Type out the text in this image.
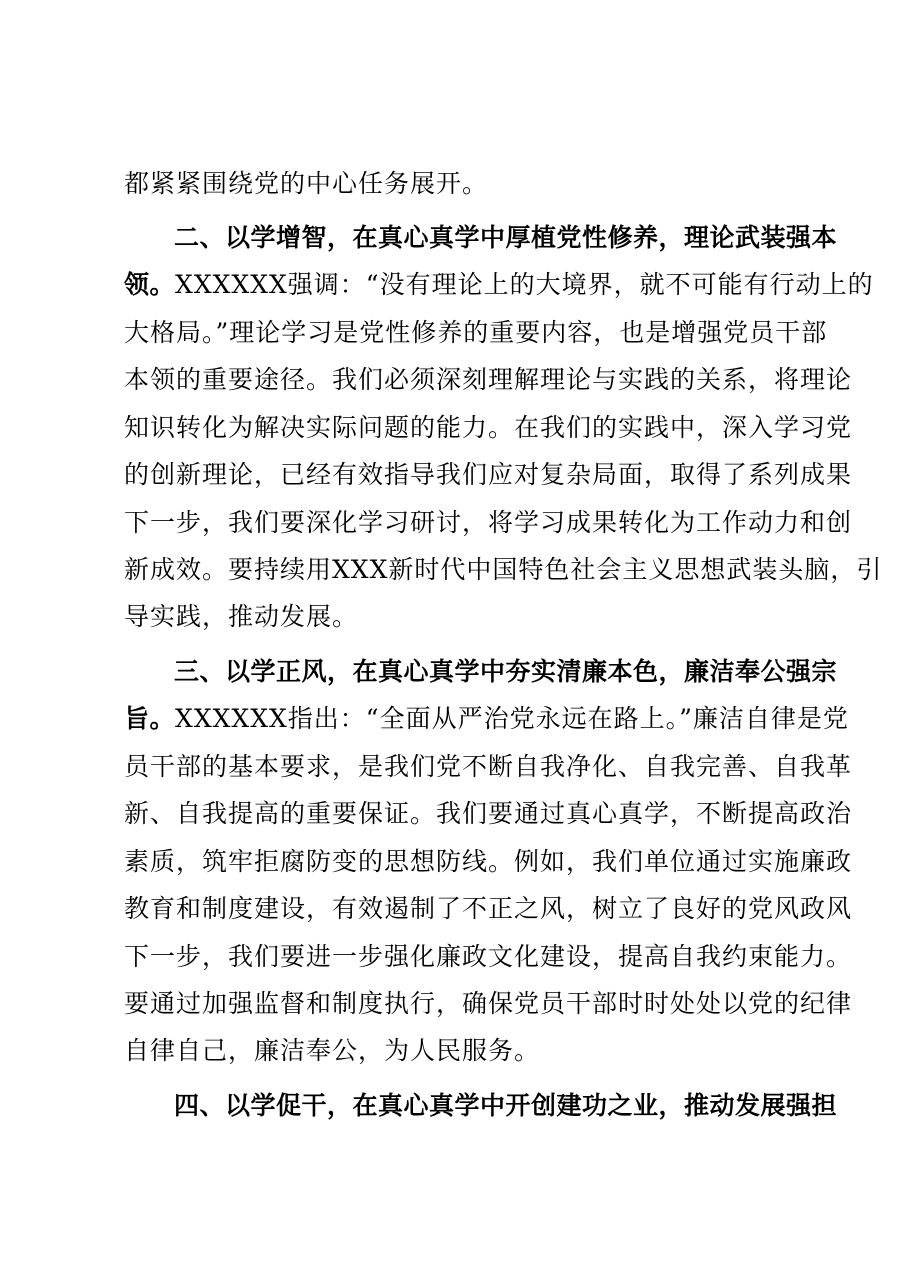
都紧紧围绕党的中心任务展开。
二、以学增智，在真心真学中厚植党性修养，理论武装强本
领。XXXXXX强调：“没有理论上的大境界，就不可能有行动上的
大格局。”理论学习是党性修养的重要内容，也是增强党员干部
本领的重要途径。我们必须深刻理解理论与实践的关系，将理论
知识转化为解决实际问题的能力。在我们的实践中，深入学习党
的创新理论，已经有效指导我们应对复杂局面，取得了系列成果
下一步，我们要深化学习研讨，将学习成果转化为工作动力和创
新成效。要持续用XXX新时代中国特色社会主义思想武装头脑，引
导实践，推动发展。
三、以学正风，在真心真学中夯实清廉本色，廉洁奉公强宗
旨。XXXXXX指出：“全面从严治党永远在路上。”廉洁自律是党
员干部的基本要求，是我们党不断自我净化、自我完善、自我革
新、自我提高的重要保证。我们要通过真心真学，不断提高政治
素质，筑牢拒腐防变的思想防线。例如，我们单位通过实施廉政
教育和制度建设，有效遏制了不正之风，树立了良好的党风政风
下一步，我们要进一步强化廉政文化建设，提高自我约束能力。
要通过加强监督和制度执行，确保党员干部时时处处以党的纪律
自律自己，廉洁奉公，为人民服务。
四、以学促干，在真心真学中开创建功之业，推动发展强担
